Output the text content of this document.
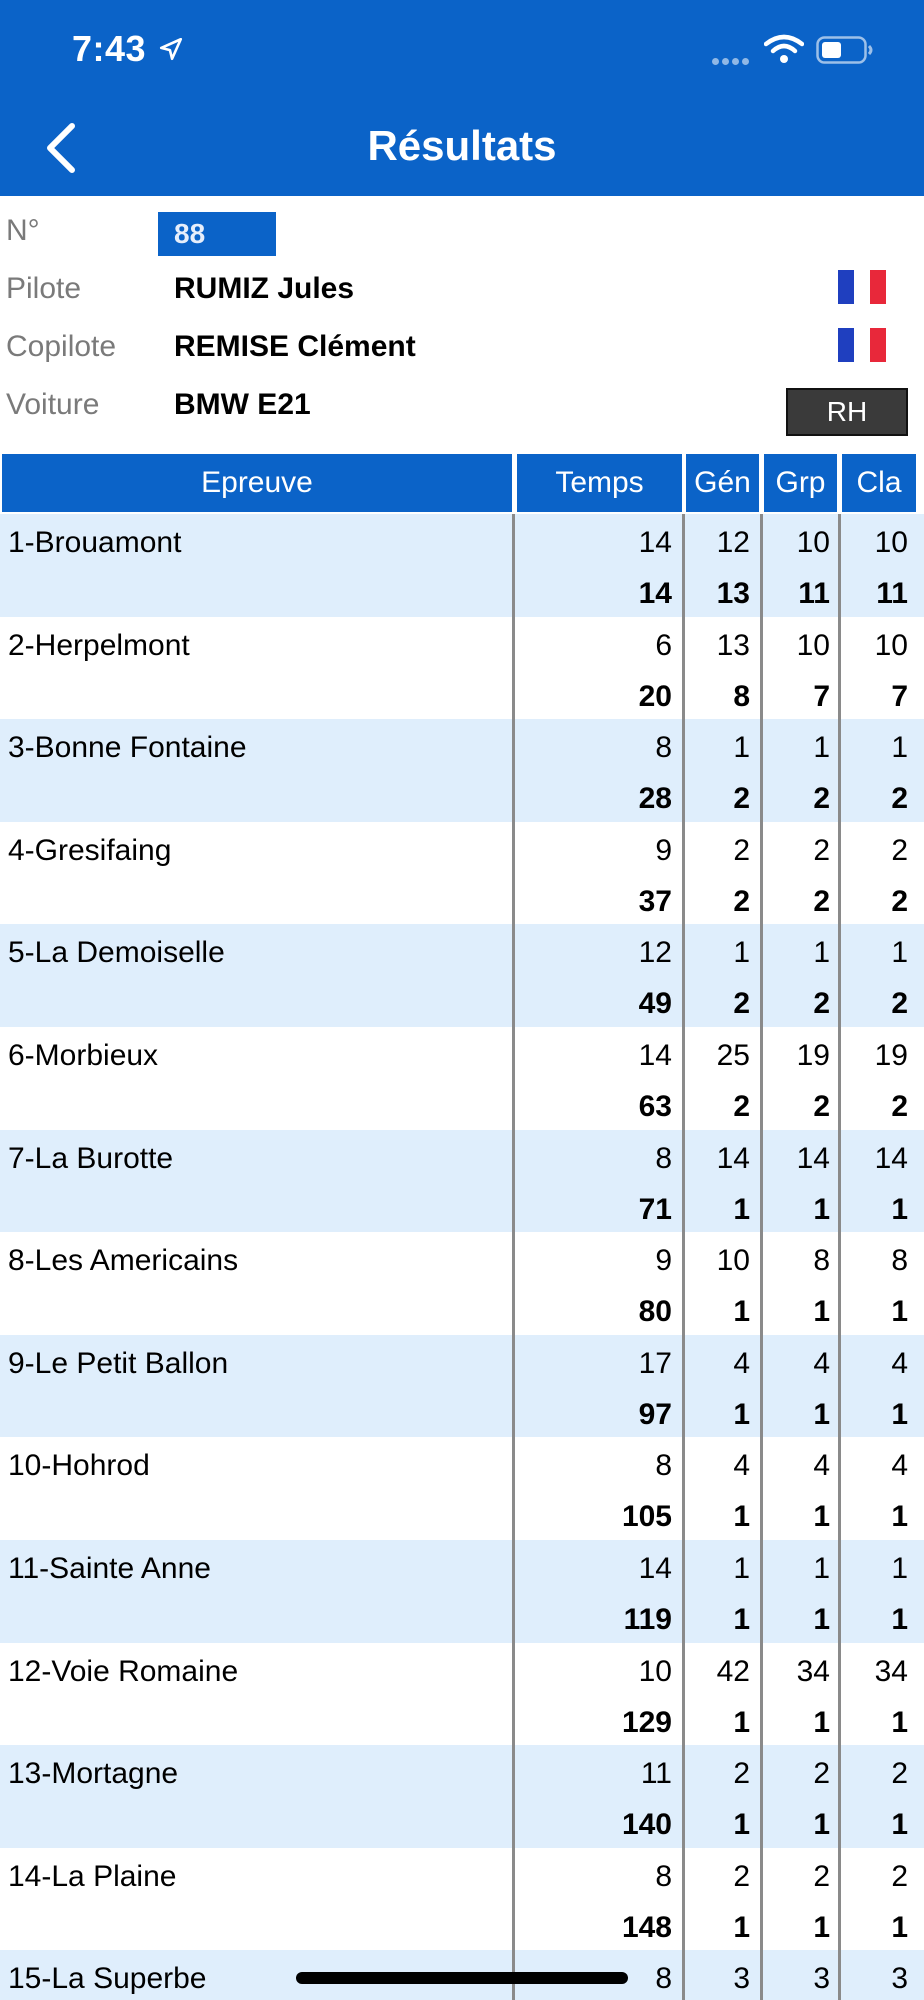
7:43
Résultats
N°	88
Pilote	RUMIZ Jules
Copilote REMISE Clément
Voiture BMW E21	RH
Epreuve	Temps	Gén Grp	Cla
1-Brouamont	14	12	10	10
14	13	11	11
2-Herpelmont	6	13	10	10
20	8	7	7
3-Bonne Fontaine	8	1	1	1
28	2	2	2
4-Gresifaing	9	2	2	2
37	2	2	2
5-La Demoiselle	12	1	1	1
49	2	2	2
6-Morbieux	14	25	19	19
63	2	2	2
7-La Burotte	8	14	14	14
71	1	1	1
8-Les Americains	9	10	8	8
80	1	1	1
9-Le Petit Ballon	17	4	4	4
97	1	1	1
10-Hohrod	8	4	4	4
105	1	1	1
11-Sainte Anne	14	1	1	1
119	1	1	1
12-Voie Romaine	10	42	34	34
129	1	1	1
13-Mortagne	11	2	2	2
140	1	1	1
14-La Plaine	8	2	2	2
148	1	1	1
15-La Superbe	8	3	3	3
